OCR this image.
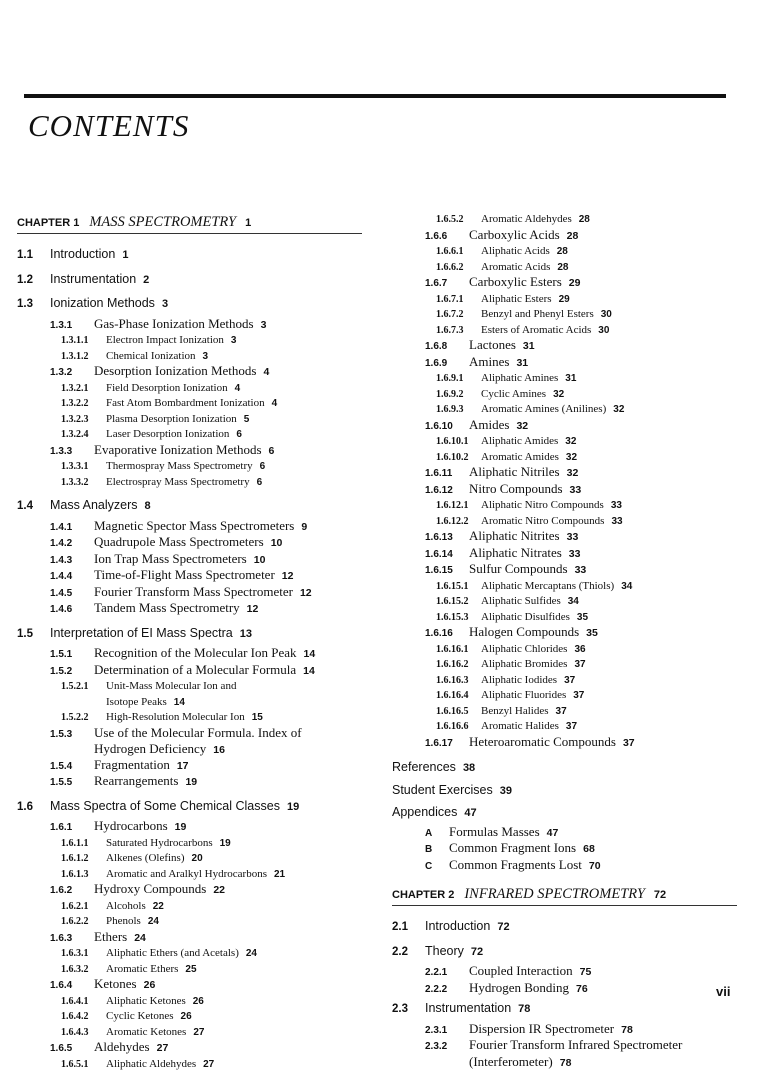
CONTENTS
CHAPTER 1 MASS SPECTROMETRY 1
1.1 Introduction 1
1.2 Instrumentation 2
1.3 Ionization Methods 3
1.3.1 Gas-Phase Ionization Methods 3
1.3.1.1 Electron Impact Ionization 3
1.3.1.2 Chemical Ionization 3
1.3.2 Desorption Ionization Methods 4
1.3.2.1 Field Desorption Ionization 4
1.3.2.2 Fast Atom Bombardment Ionization 4
1.3.2.3 Plasma Desorption Ionization 5
1.3.2.4 Laser Desorption Ionization 6
1.3.3 Evaporative Ionization Methods 6
1.3.3.1 Thermospray Mass Spectrometry 6
1.3.3.2 Electrospray Mass Spectrometry 6
1.4 Mass Analyzers 8
1.4.1 Magnetic Spector Mass Spectrometers 9
1.4.2 Quadrupole Mass Spectrometers 10
1.4.3 Ion Trap Mass Spectrometers 10
1.4.4 Time-of-Flight Mass Spectrometer 12
1.4.5 Fourier Transform Mass Spectrometer 12
1.4.6 Tandem Mass Spectrometry 12
1.5 Interpretation of EI Mass Spectra 13
1.5.1 Recognition of the Molecular Ion Peak 14
1.5.2 Determination of a Molecular Formula 14
1.5.2.1 Unit-Mass Molecular Ion and
Isotope Peaks 14
1.5.2.2 High-Resolution Molecular Ion 15
1.5.3 Use of the Molecular Formula. Index of
Hydrogen Deficiency 16
1.5.4 Fragmentation 17
1.5.5 Rearrangements 19
1.6 Mass Spectra of Some Chemical Classes 19
1.6.1 Hydrocarbons 19
1.6.1.1 Saturated Hydrocarbons 19
1.6.1.2 Alkenes (Olefins) 20
1.6.1.3 Aromatic and Aralkyl Hydrocarbons 21
1.6.2 Hydroxy Compounds 22
1.6.2.1 Alcohols 22
1.6.2.2 Phenols 24
1.6.3 Ethers 24
1.6.3.1 Aliphatic Ethers (and Acetals) 24
1.6.3.2 Aromatic Ethers 25
1.6.4 Ketones 26
1.6.4.1 Aliphatic Ketones 26
1.6.4.2 Cyclic Ketones 26
1.6.4.3 Aromatic Ketones 27
1.6.5 Aldehydes 27
1.6.5.1 Aliphatic Aldehydes 27
1.6.5.2 Aromatic Aldehydes 28
1.6.6 Carboxylic Acids 28
1.6.6.1 Aliphatic Acids 28
1.6.6.2 Aromatic Acids 28
1.6.7 Carboxylic Esters 29
1.6.7.1 Aliphatic Esters 29
1.6.7.2 Benzyl and Phenyl Esters 30
1.6.7.3 Esters of Aromatic Acids 30
1.6.8 Lactones 31
1.6.9 Amines 31
1.6.9.1 Aliphatic Amines 31
1.6.9.2 Cyclic Amines 32
1.6.9.3 Aromatic Amines (Anilines) 32
1.6.10 Amides 32
1.6.10.1 Aliphatic Amides 32
1.6.10.2 Aromatic Amides 32
1.6.11 Aliphatic Nitriles 32
1.6.12 Nitro Compounds 33
1.6.12.1 Aliphatic Nitro Compounds 33
1.6.12.2 Aromatic Nitro Compounds 33
1.6.13 Aliphatic Nitrites 33
1.6.14 Aliphatic Nitrates 33
1.6.15 Sulfur Compounds 33
1.6.15.1 Aliphatic Mercaptans (Thiols) 34
1.6.15.2 Aliphatic Sulfides 34
1.6.15.3 Aliphatic Disulfides 35
1.6.16 Halogen Compounds 35
1.6.16.1 Aliphatic Chlorides 36
1.6.16.2 Aliphatic Bromides 37
1.6.16.3 Aliphatic Iodides 37
1.6.16.4 Aliphatic Fluorides 37
1.6.16.5 Benzyl Halides 37
1.6.16.6 Aromatic Halides 37
1.6.17 Heteroaromatic Compounds 37
References 38
Student Exercises 39
Appendices 47
A Formulas Masses 47
B Common Fragment Ions 68
C Common Fragments Lost 70
CHAPTER 2 INFRARED SPECTROMETRY 72
2.1 Introduction 72
2.2 Theory 72
2.2.1 Coupled Interaction 75
2.2.2 Hydrogen Bonding 76
2.3 Instrumentation 78
2.3.1 Dispersion IR Spectrometer 78
2.3.2 Fourier Transform Infrared Spectrometer
(Interferometer) 78
vii
